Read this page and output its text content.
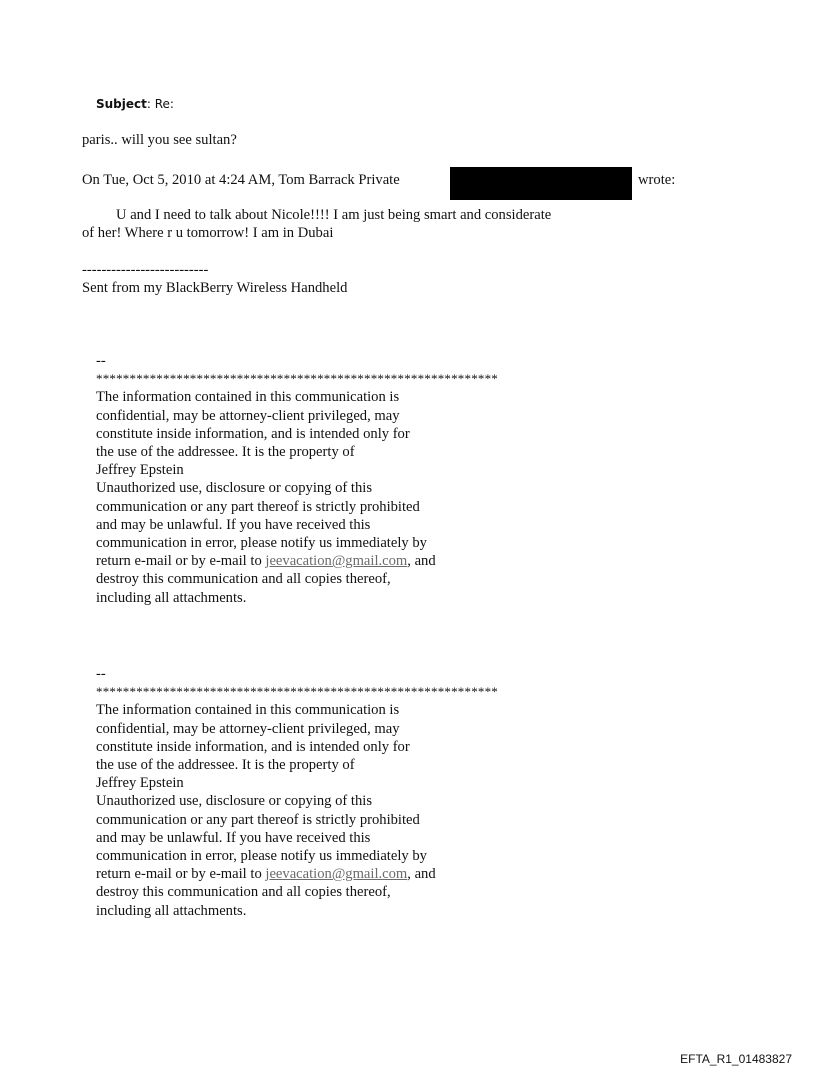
Subject: Re:
paris.. will you see sultan?
On Tue, Oct 5, 2010 at 4:24 AM, Tom Barrack Private	wrote:
U and I need to talk about Nicole!!!! I am just being smart and considerate
of her! Where r u tomorrow! I am in Dubai
--------------------------
Sent from my BlackBerry Wireless Handheld
--
************************************************************
The information contained in this communication is
confidential, may be attorney-client privileged, may
constitute inside information, and is intended only for
the use of the addressee. It is the property of
Jeffrey Epstein
Unauthorized use, disclosure or copying of this
communication or any part thereof is strictly prohibited
and may be unlawful. If you have received this
communication in error, please notify us immediately by
return e-mail or by e-mail to jeevacation@gmail.com, and
destroy this communication and all copies thereof,
including all attachments.
--
************************************************************
The information contained in this communication is
confidential, may be attorney-client privileged, may
constitute inside information, and is intended only for
the use of the addressee. It is the property of
Jeffrey Epstein
Unauthorized use, disclosure or copying of this
communication or any part thereof is strictly prohibited
and may be unlawful. If you have received this
communication in error, please notify us immediately by
return e-mail or by e-mail to jeevacation@gmail.com, and
destroy this communication and all copies thereof,
including all attachments.
EFTA_R1_01483827
